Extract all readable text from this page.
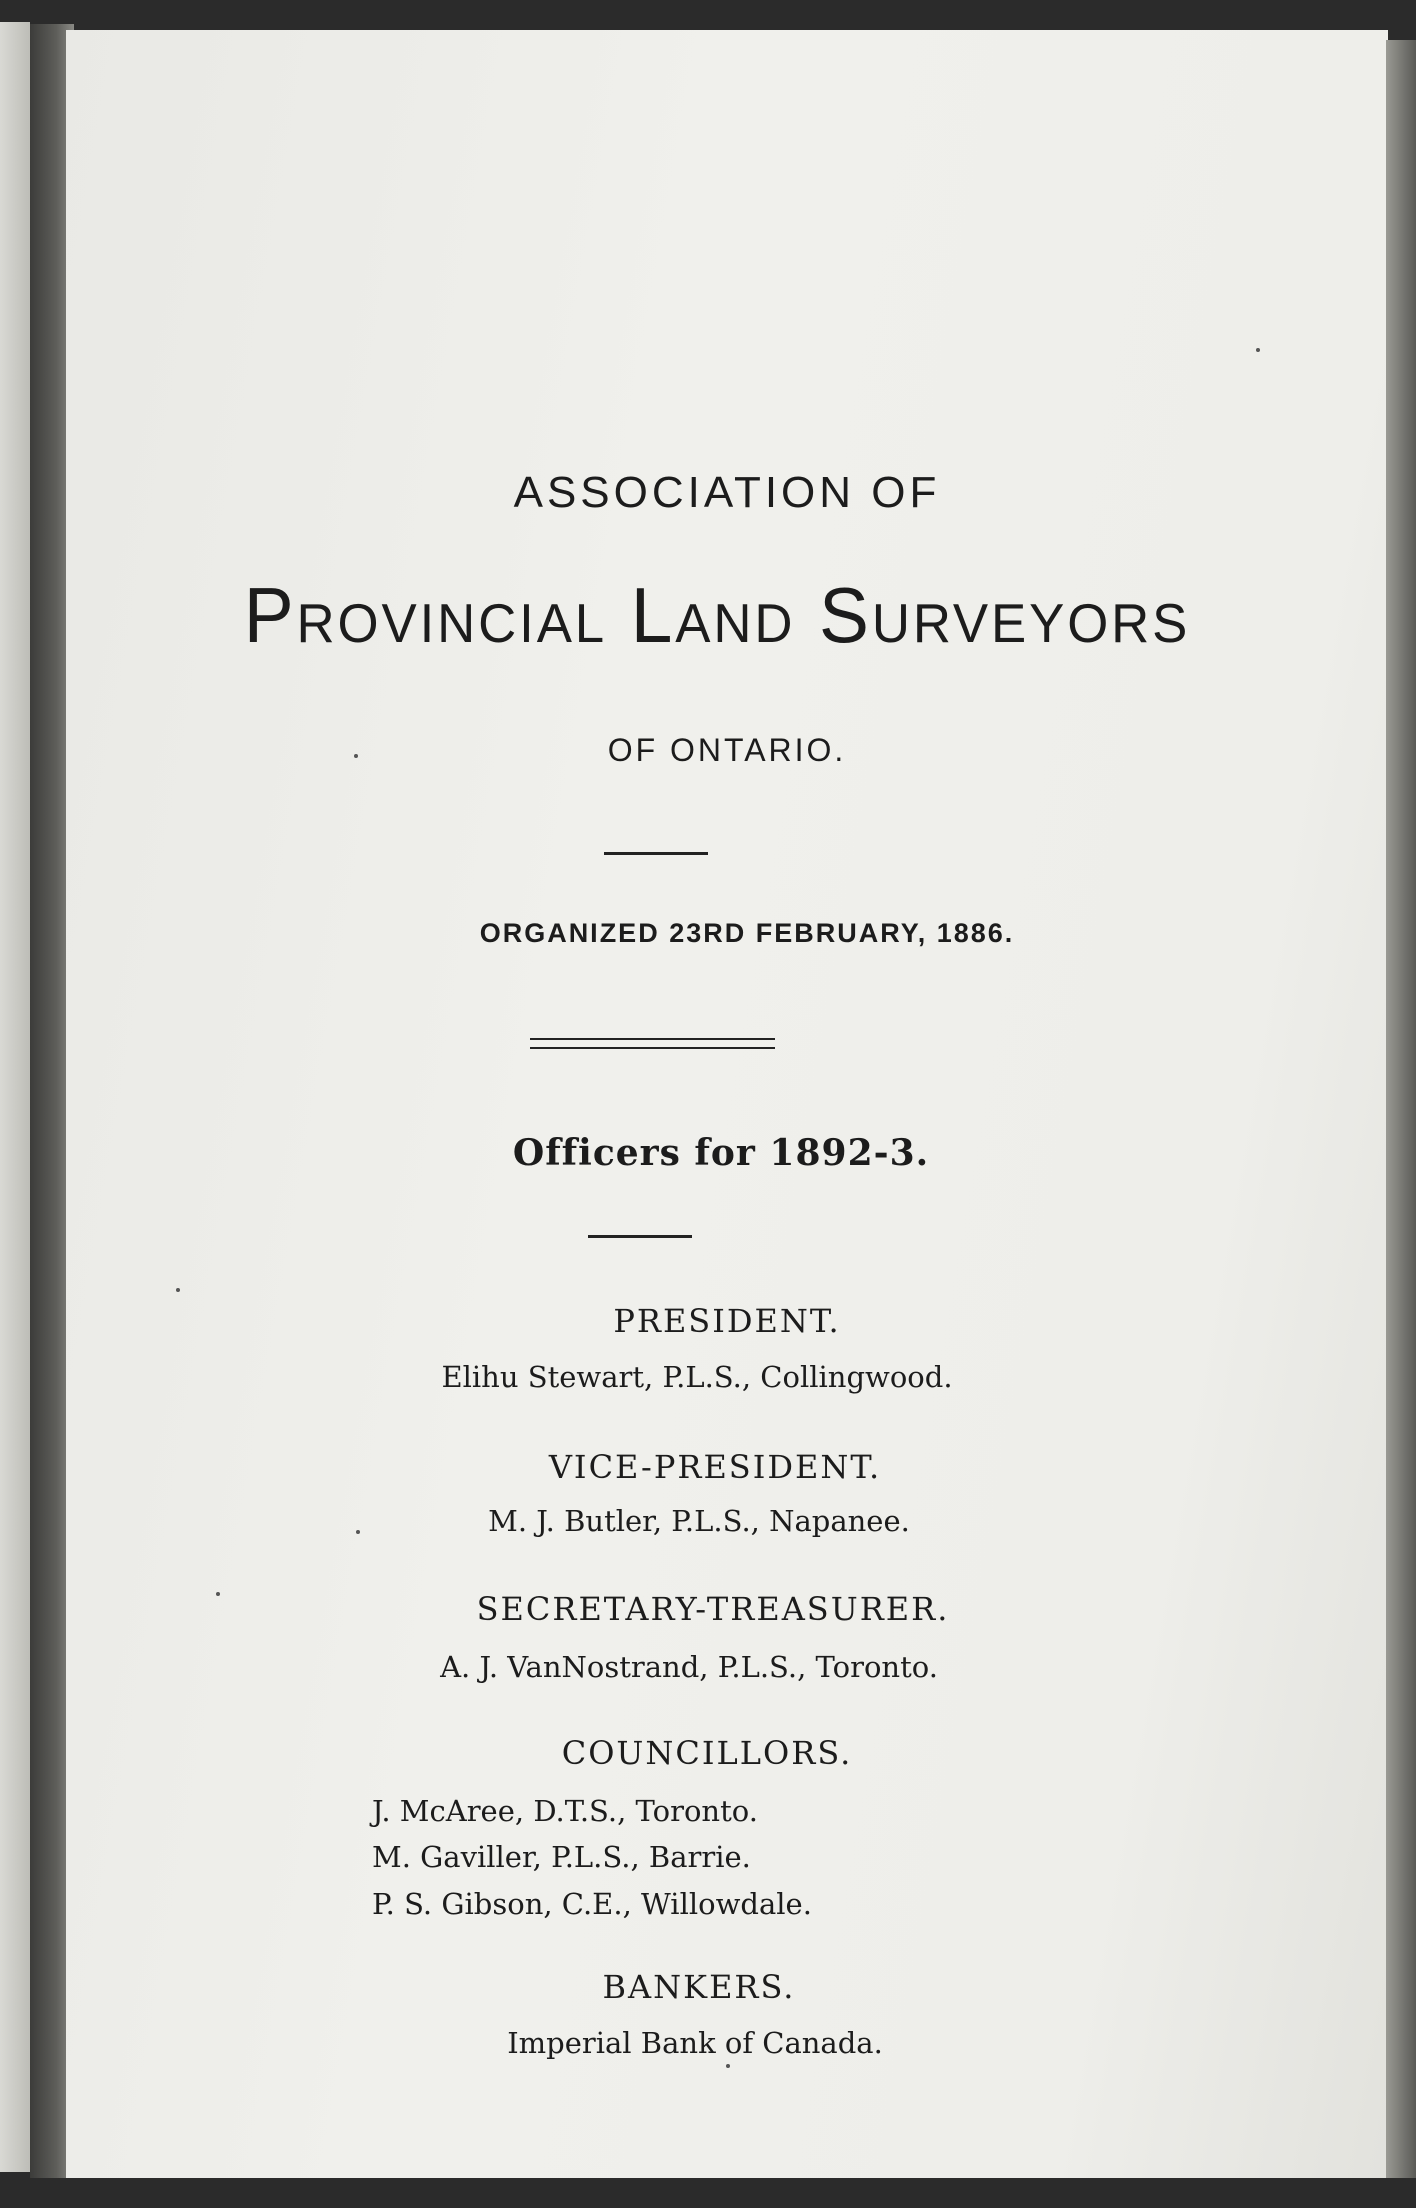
ASSOCIATION OF
Provincial Land Surveyors
OF ONTARIO.
ORGANIZED 23RD FEBRUARY, 1886.
Officers for 1892-3.
PRESIDENT.
Elihu Stewart, P.L.S., Collingwood.
VICE-PRESIDENT.
M. J. Butler, P.L.S., Napanee.
SECRETARY-TREASURER.
A. J. VanNostrand, P.L.S., Toronto.
COUNCILLORS.
J. McAree, D.T.S., Toronto.
M. Gaviller, P.L.S., Barrie.
P. S. Gibson, C.E., Willowdale.
BANKERS.
Imperial Bank of Canada.
